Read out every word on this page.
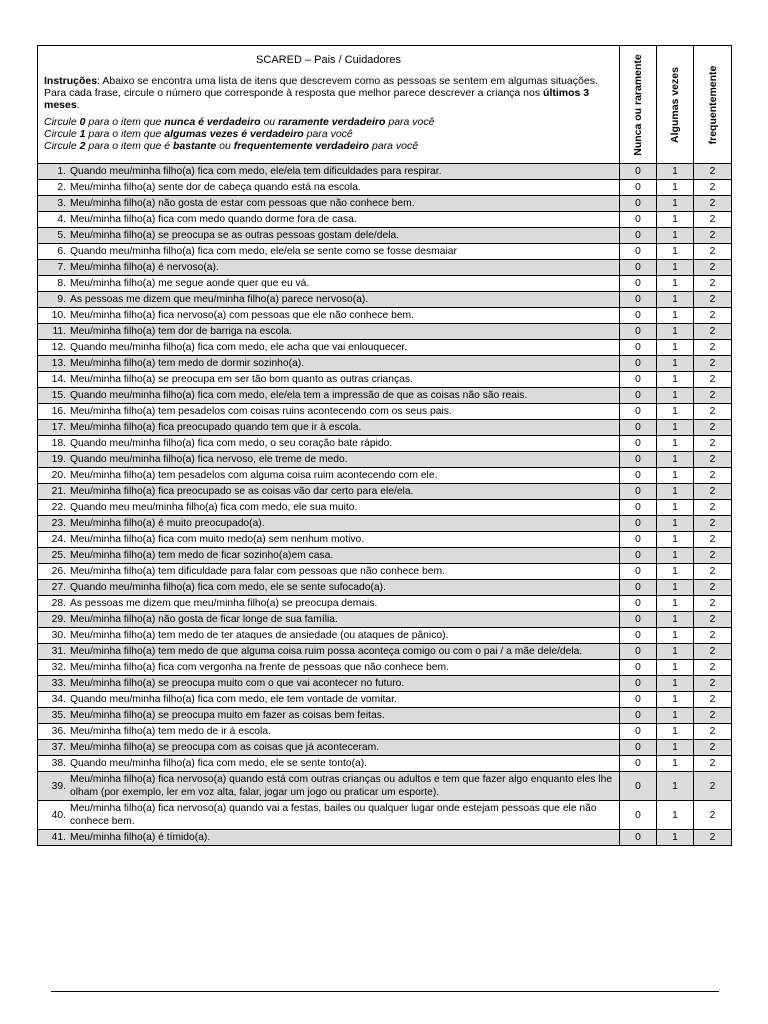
SCARED – Pais / Cuidadores
Instruções: Abaixo se encontra uma lista de itens que descrevem como as pessoas se sentem em algumas situações. Para cada frase, circule o número que corresponde à resposta que melhor parece descrever a criança nos últimos 3 meses.
Circule 0 para o item que nunca é verdadeiro ou raramente verdadeiro para você
Circule 1 para o item que algumas vezes é verdadeiro para você
Circule 2 para o item que é bastante ou frequentemente verdadeiro para você	Nunca ou raramente	Algumas vezes	frequentemente

1. Quando meu/minha filho(a) fica com medo, ele/ela tem dificuldades para respirar.	0	1	2

2. Meu/minha filho(a) sente dor de cabeça quando está na escola.	0	1	2

3. Meu/minha filho(a) não gosta de estar com pessoas que não conhece bem.	0	1	2

4. Meu/minha filho(a) fica com medo quando dorme fora de casa.	0	1	2

5. Meu/minha filho(a) se preocupa se as outras pessoas gostam dele/dela.	0	1	2

6. Quando meu/minha filho(a) fica com medo, ele/ela se sente como se fosse desmaiar	0	1	2

7. Meu/minha filho(a) é nervoso(a).	0	1	2

8. Meu/minha filho(a) me segue aonde quer que eu vá.	0	1	2

9. As pessoas me dizem que meu/minha filho(a) parece nervoso(a).	0	1	2

10. Meu/minha filho(a) fica nervoso(a) com pessoas que ele não conhece bem.	0	1	2

11. Meu/minha filho(a) tem dor de barriga na escola.	0	1	2

12. Quando meu/minha filho(a) fica com medo, ele acha que vai enlouquecer.	0	1	2

13. Meu/minha filho(a) tem medo de dormir sozinho(a).	0	1	2

14. Meu/minha filho(a) se preocupa em ser tão bom quanto as outras crianças.	0	1	2

15. Quando meu/minha filho(a) fica com medo, ele/ela tem a impressão de que as coisas não são reais.	0	1	2

16. Meu/minha filho(a) tem pesadelos com coisas ruins acontecendo com os seus pais.	0	1	2

17. Meu/minha filho(a) fica preocupado quando tem que ir à escola.	0	1	2

18. Quando meu/minha filho(a) fica com medo, o seu coração bate rápido.	0	1	2

19. Quando meu/minha filho(a) fica nervoso, ele treme de medo.	0	1	2

20. Meu/minha filho(a) tem pesadelos com alguma coisa ruim acontecendo com ele.	0	1	2

21. Meu/minha filho(a) fica preocupado se as coisas vão dar certo para ele/ela.	0	1	2

22. Quando meu meu/minha filho(a) fica com medo, ele sua muito.	0	1	2

23. Meu/minha filho(a) é muito preocupado(a).	0	1	2

24. Meu/minha filho(a) fica com muito medo(a) sem nenhum motivo.	0	1	2

25. Meu/minha filho(a) tem medo de ficar sozinho(a)em casa.	0	1	2

26. Meu/minha filho(a) tem dificuldade para falar com pessoas que não conhece bem.	0	1	2

27. Quando meu/minha filho(a) fica com medo, ele se sente sufocado(a).	0	1	2

28. As pessoas me dizem que meu/minha filho(a) se preocupa demais.	0	1	2

29. Meu/minha filho(a) não gosta de ficar longe de sua família.	0	1	2

30. Meu/minha filho(a) tem medo de ter ataques de ansiedade (ou ataques de pânico).	0	1	2

31. Meu/minha filho(a) tem medo de que alguma coisa ruim possa aconteça comigo ou com o pai / a mãe dele/dela.	0	1	2

32. Meu/minha filho(a) fica com vergonha na frente de pessoas que não conhece bem.	0	1	2

33. Meu/minha filho(a) se preocupa muito com o que vai acontecer no futuro.	0	1	2

34. Quando meu/minha filho(a) fica com medo, ele tem vontade de vomitar.	0	1	2

35. Meu/minha filho(a) se preocupa muito em fazer as coisas bem feitas.	0	1	2

36. Meu/minha filho(a) tem medo de ir à escola.	0	1	2

37. Meu/minha filho(a) se preocupa com as coisas que já aconteceram.	0	1	2

38. Quando meu/minha filho(a) fica com medo, ele se sente tonto(a).	0	1	2

39.
Meu/minha filho(a) fica nervoso(a) quando está com outras crianças ou adultos e tem que fazer algo enquanto eles lhe olham (por exemplo, ler em voz alta, falar, jogar um jogo ou praticar um esporte).	0	1	2

40.
Meu/minha filho(a) fica nervoso(a) quando vai a festas, bailes ou qualquer lugar onde estejam pessoas que ele não conhece bem.	0	1	2

41. Meu/minha filho(a) é tímido(a).	0	1	2
